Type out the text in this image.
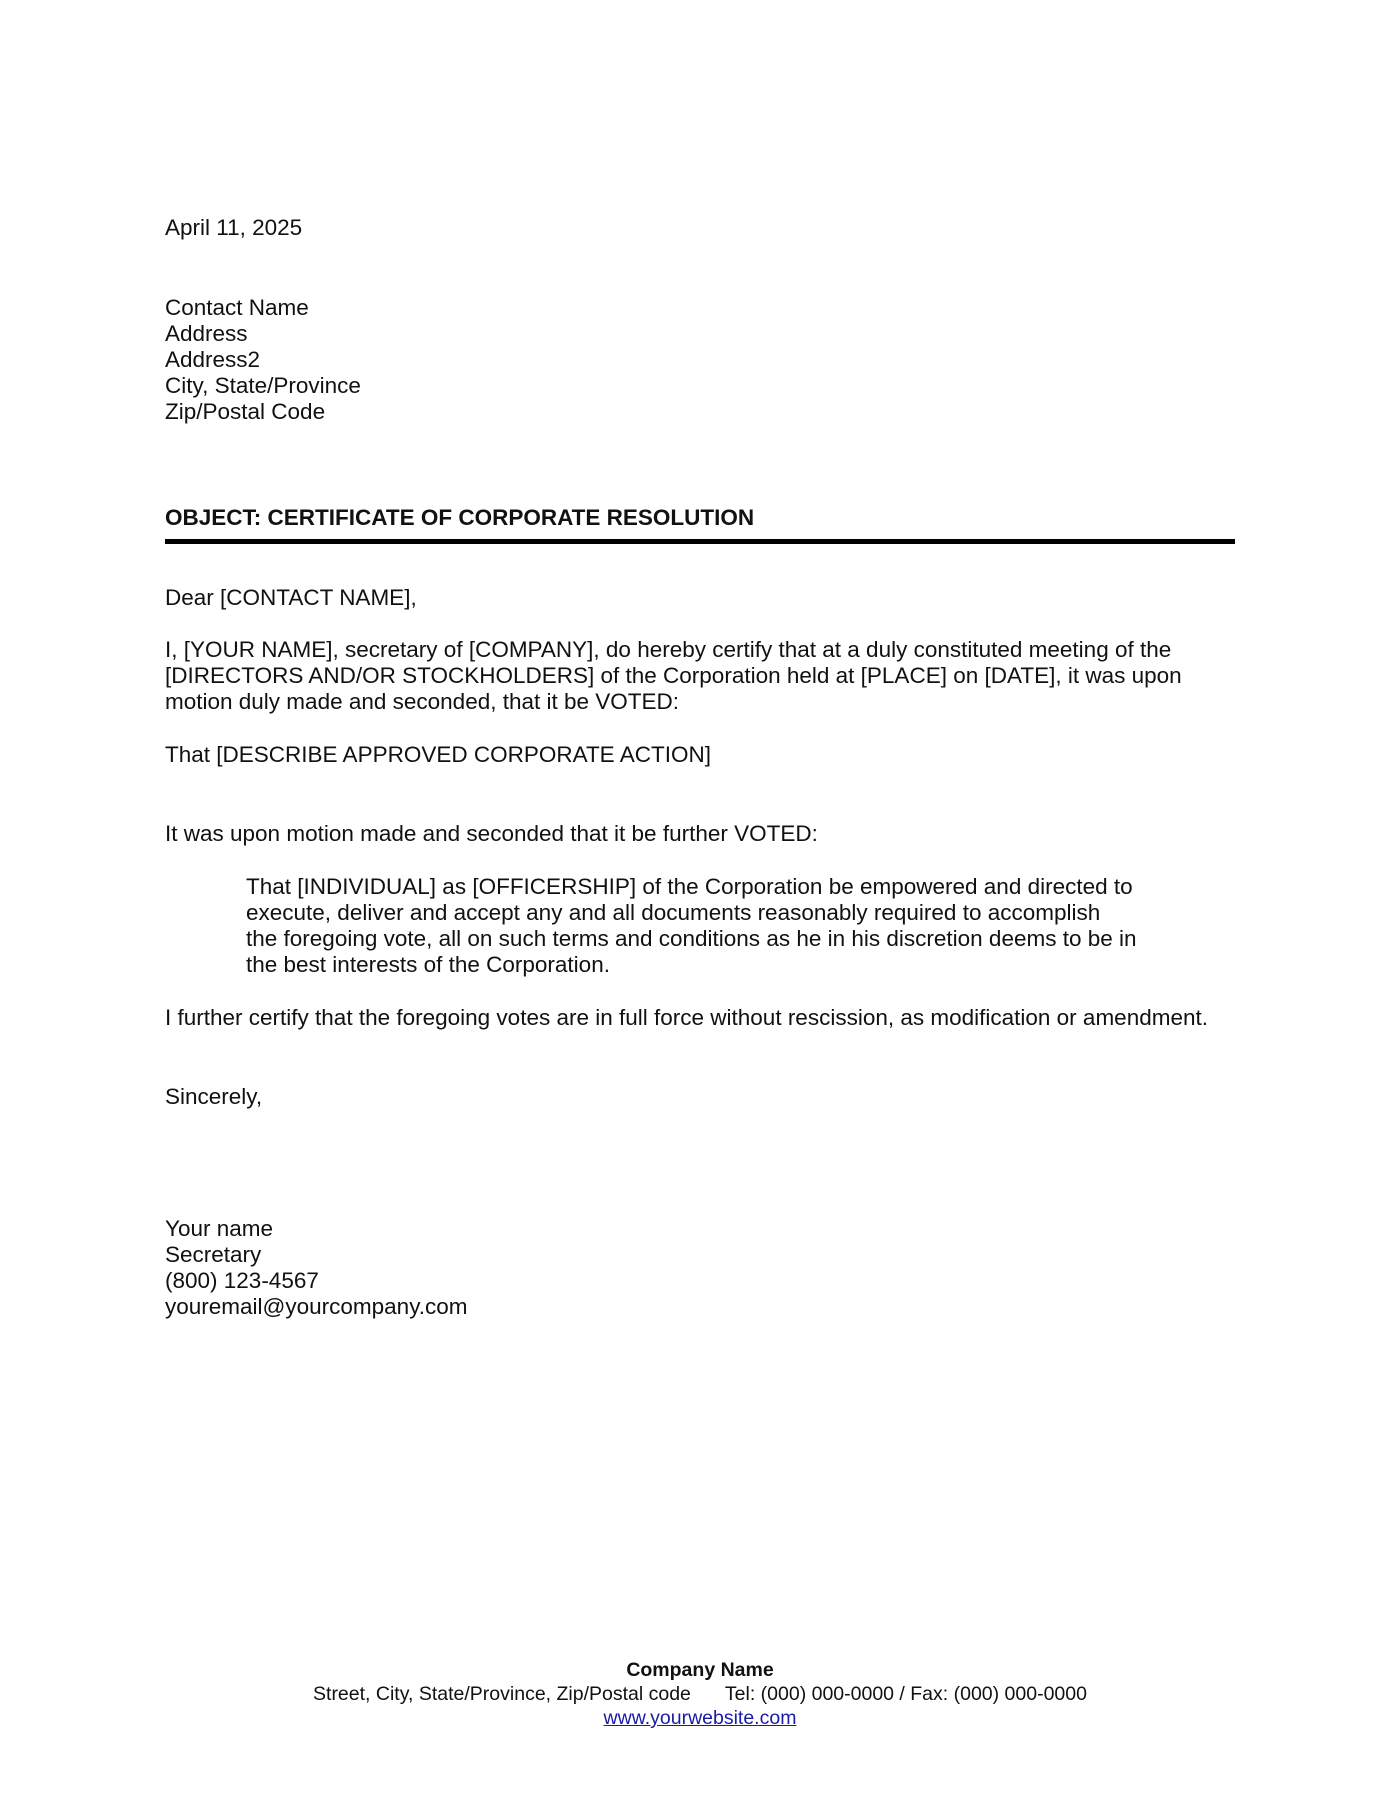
April 11, 2025

Contact Name
Address
Address2
City, State/Province
Zip/Postal Code

OBJECT: CERTIFICATE OF CORPORATE RESOLUTION

Dear [CONTACT NAME],

I, [YOUR NAME], secretary of [COMPANY], do hereby certify that at a duly constituted meeting of the
[DIRECTORS AND/OR STOCKHOLDERS] of the Corporation held at [PLACE] on [DATE], it was upon
motion duly made and seconded, that it be VOTED:

That [DESCRIBE APPROVED CORPORATE ACTION]

It was upon motion made and seconded that it be further VOTED:

That [INDIVIDUAL] as [OFFICERSHIP] of the Corporation be empowered and directed to
execute, deliver and accept any and all documents reasonably required to accomplish
the foregoing vote, all on such terms and conditions as he in his discretion deems to be in
the best interests of the Corporation.

I further certify that the foregoing votes are in full force without rescission, as modification or amendment.

Sincerely,

Your name
Secretary
(800) 123-4567
youremail@yourcompany.com
Company Name
Street, City, State/Province, Zip/Postal code Tel: (000) 000-0000 / Fax: (000) 000-0000
www.yourwebsite.com
